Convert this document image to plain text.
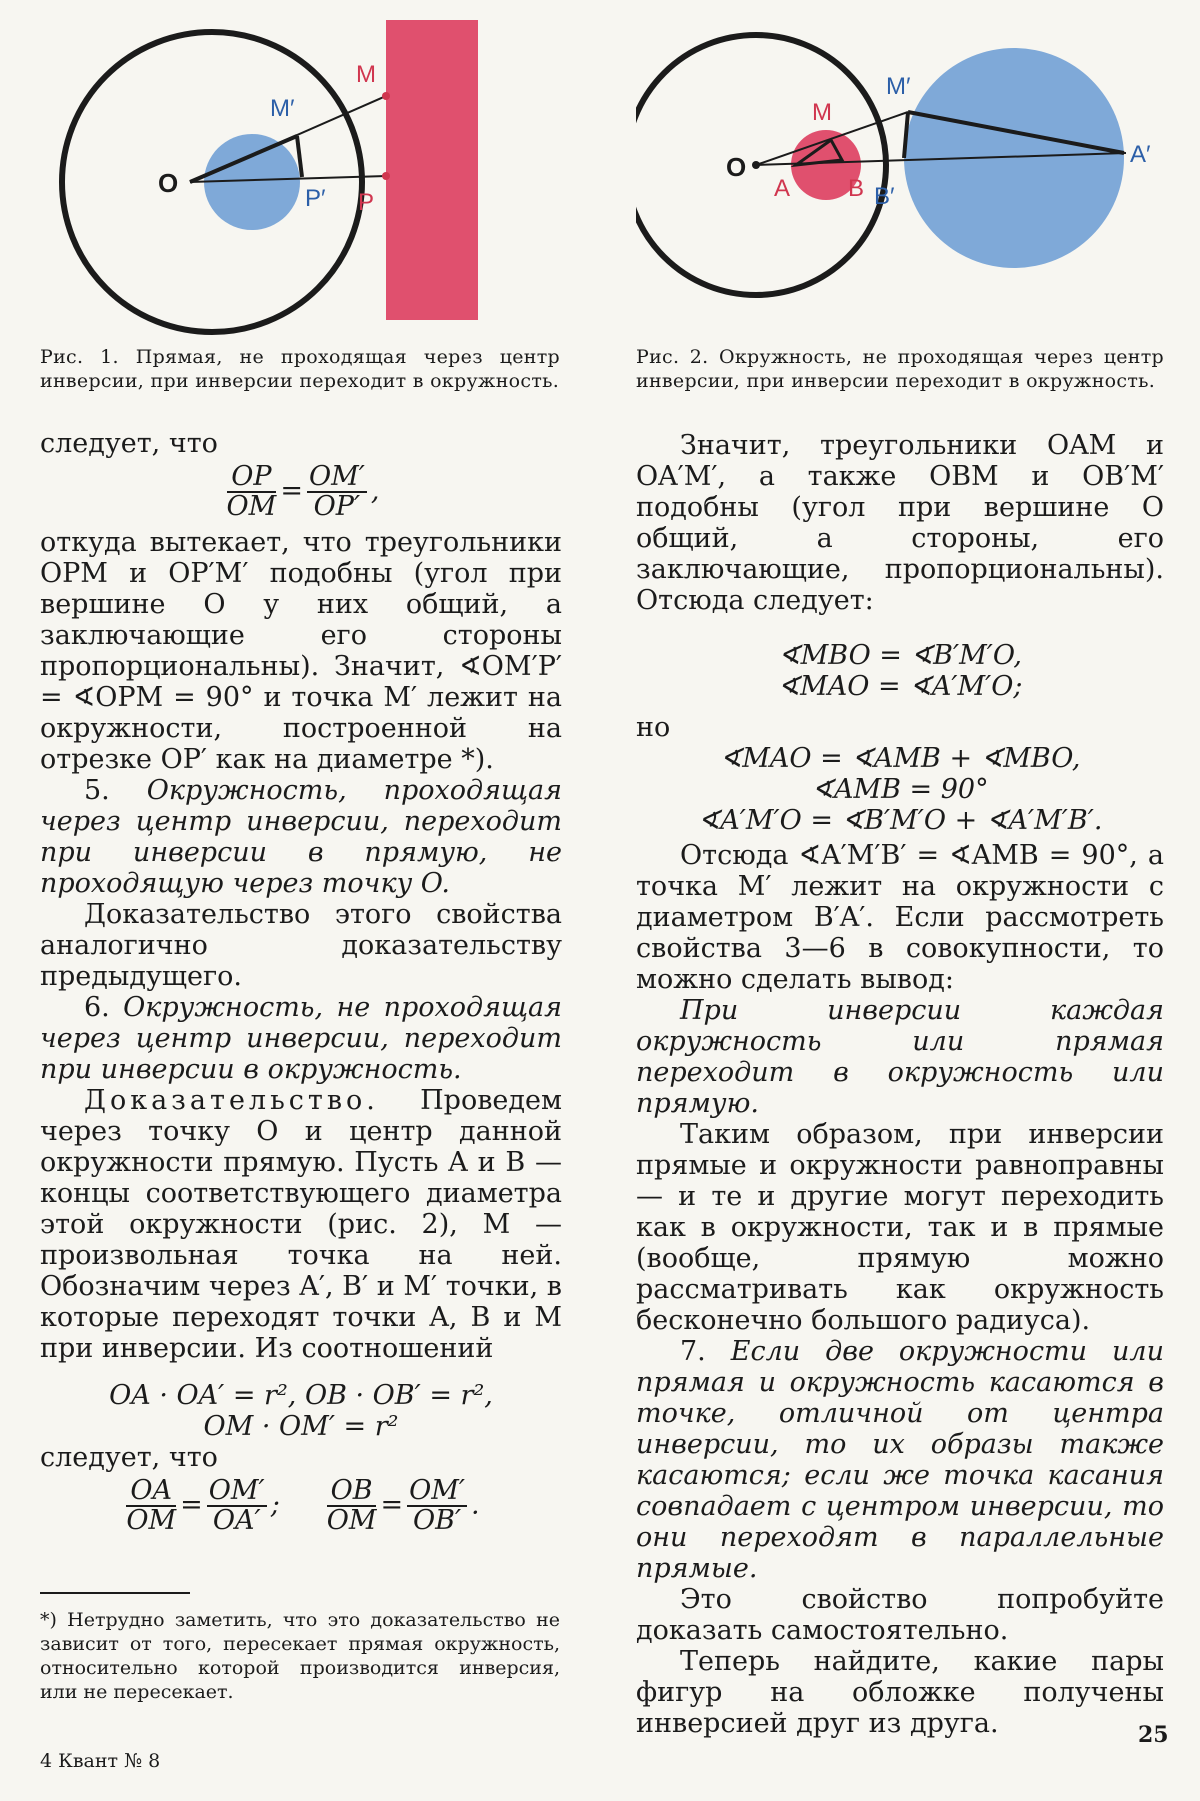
O
M
M′
P
P′
Рис. 1. Прямая, не проходящая через центр инверсии, при инверсии переходит в окружность.

следует, что

$\frac{OP}{OM} = \frac{OM'}{OP'}$ ,

откуда вытекает, что треугольники OPM и OP′M′ подобны (угол при вершине O у них общий, а заключающие его стороны пропорциональны). Значит, ∢OM′P′ = ∢OPM = 90° и точка M′ лежит на окружности, построенной на отрезке OP′ как на диаметре *).

5. Окружность, проходящая через центр инверсии, переходит при инверсии в прямую, не проходящую через точку O.

Доказательство этого свойства аналогично доказательству предыдущего.

6. Окружность, не проходящая через центр инверсии, переходит при инверсии в окружность.

Доказательство. Проведем через точку O и центр данной окружности прямую. Пусть A и B — концы соответствующего диаметра этой окружности (рис. 2), M — произвольная точка на ней. Обозначим через A′, B′ и M′ точки, в которые переходят точки A, B и M при инверсии. Из соотношений

OA · OA′ = r², OB · OB′ = r²,

OM · OM′ = r²

следует, что

$\frac{OA}{OM} = \frac{OM'}{OA'}$ ; $\frac{OB}{OM} = \frac{OM'}{OB'}$ .

*) Нетрудно заметить, что это доказательство не зависит от того, пересекает прямая окружность, относительно которой производится инверсия, или не пересекает.
O
M
M′
A B B′
A′
Рис. 2. Окружность, не проходящая через центр инверсии, при инверсии переходит в окружность.

Значит, треугольники OAM и OA′M′, а также OBM и OB′M′ подобны (угол при вершине O общий, а стороны, его заключающие, пропорциональны). Отсюда следует:

∢MBO = ∢B′M′O,

∢MAO = ∢A′M′O;

но

∢MAO = ∢AMB + ∢MBO,

∢AMB = 90°

∢A′M′O = ∢B′M′O + ∢A′M′B′.

Отсюда ∢A′M′B′ = ∢AMB = 90°, а точка M′ лежит на окружности с диаметром B′A′. Если рассмотреть свойства 3—6 в совокупности, то можно сделать вывод:

При инверсии каждая окружность или прямая переходит в окружность или прямую.

Таким образом, при инверсии прямые и окружности равноправны — и те и другие могут переходить как в окружности, так и в прямые (вообще, прямую можно рассматривать как окружность бесконечно большого радиуса).

7. Если две окружности или прямая и окружность касаются в точке, отличной от центра инверсии, то их образы также касаются; если же точка касания совпадает с центром инверсии, то они переходят в параллельные прямые.

Это свойство попробуйте доказать самостоятельно.

Теперь найдите, какие пары фигур на обложке получены инверсией друг из друга.

4 Квант № 8
25
